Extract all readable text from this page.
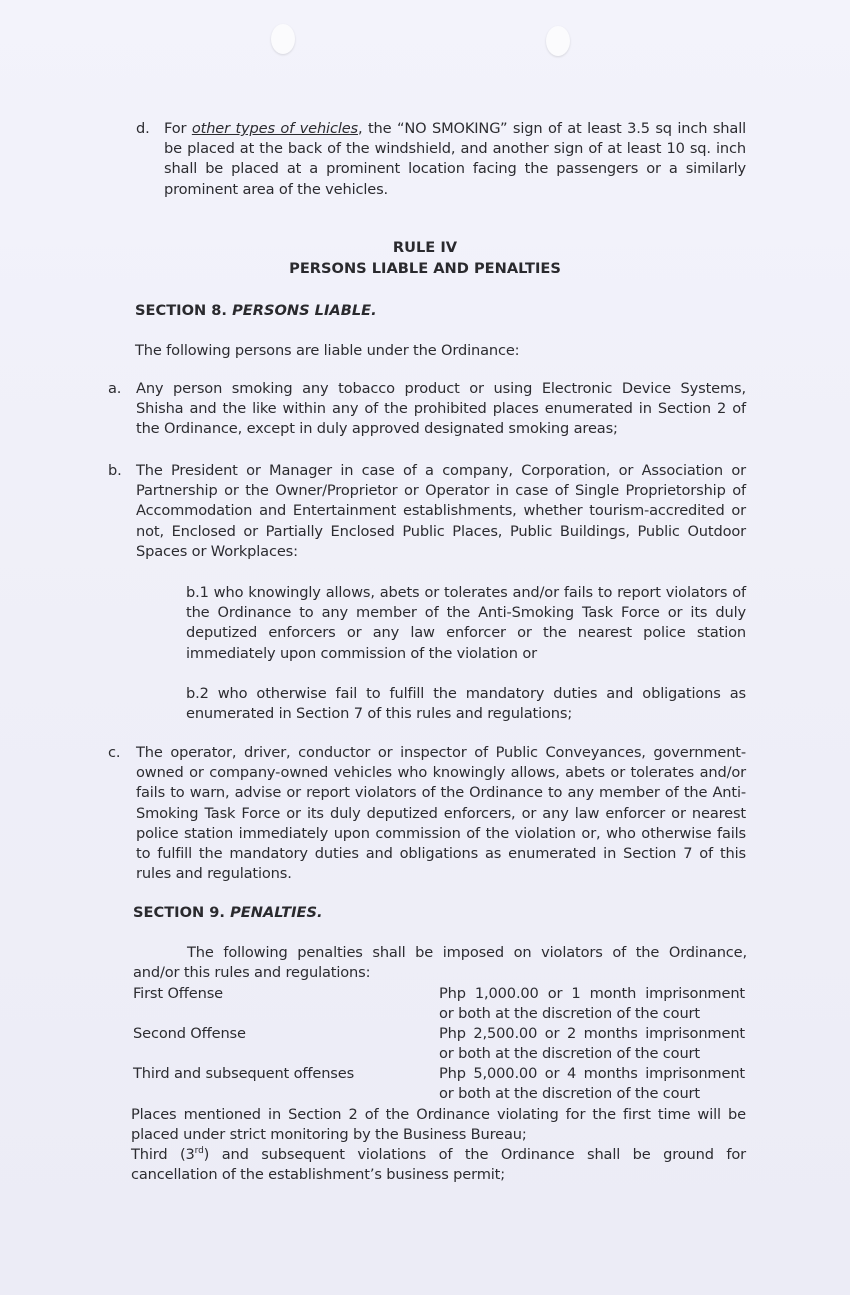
d. For other types of vehicles, the “NO SMOKING” sign of at least 3.5 sq inch shall be placed at the back of the windshield, and another sign of at least 10 sq. inch shall be placed at a prominent location facing the passengers or a similarly prominent area of the vehicles.
RULE IV
PERSONS LIABLE AND PENALTIES
SECTION 8. PERSONS LIABLE.
The following persons are liable under the Ordinance:
a.	Any person smoking any tobacco product or using Electronic Device Systems, Shisha and the like within any of the prohibited places enumerated in Section 2 of the Ordinance, except in duly approved designated smoking areas;
b. The President or Manager in case of a company, Corporation, or Association or Partnership or the Owner/Proprietor or Operator in case of Single Proprietorship of Accommodation and Entertainment establishments, whether tourism-accredited or not, Enclosed or Partially Enclosed Public Places, Public Buildings, Public Outdoor Spaces or Workplaces:
b.1 who knowingly allows, abets or tolerates and/or fails to report violators of the Ordinance to any member of the Anti-Smoking Task Force or its duly deputized enforcers or any law enforcer or the nearest police station immediately upon commission of the violation or
b.2 who otherwise fail to fulfill the mandatory duties and obligations as enumerated in Section 7 of this rules and regulations;
c.	The operator, driver, conductor or inspector of Public Conveyances, government-owned or company-owned vehicles who knowingly allows, abets or tolerates and/or fails to warn, advise or report violators of the Ordinance to any member of the Anti-Smoking Task Force or its duly deputized enforcers, or any law enforcer or nearest police station immediately upon commission of the violation or, who otherwise fails to fulfill the mandatory duties and obligations as enumerated in Section 7 of this rules and regulations.
SECTION 9. PENALTIES.
The following penalties shall be imposed on violators of the Ordinance,
and/or this rules and regulations:
First Offense	Php 1,000.00 or 1 month imprisonment
or both at the discretion of the court
Second Offense	Php 2,500.00 or 2 months imprisonment
or both at the discretion of the court
Third and subsequent offenses	Php 5,000.00 or 4 months imprisonment
or both at the discretion of the court
Places mentioned in Section 2 of the Ordinance violating for the first time will be placed under strict monitoring by the Business Bureau;
Third (3rd) and subsequent violations of the Ordinance shall be ground for cancellation of the establishment’s business permit;
